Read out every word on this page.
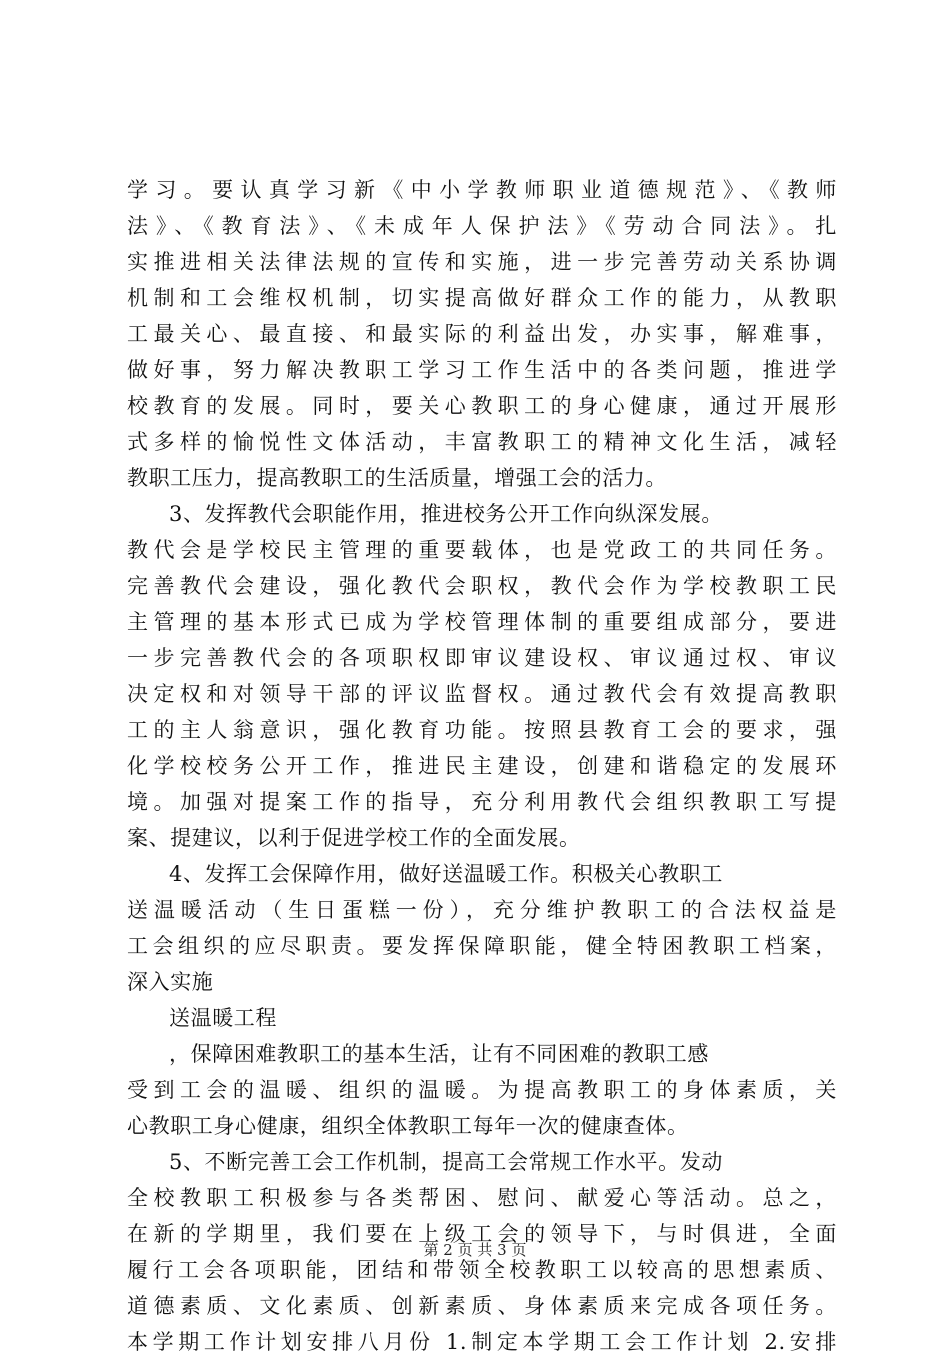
学习。要认真学习新《中小学教师职业道德规范》、《教师
法》、《教育法》、《未成年人保护法》《劳动合同法》。扎
实推进相关法律法规的宣传和实施，进一步完善劳动关系协调
机制和工会维权机制，切实提高做好群众工作的能力，从教职
工最关心、最直接、和最实际的利益出发，办实事，解难事，
做好事，努力解决教职工学习工作生活中的各类问题，推进学
校教育的发展。同时，要关心教职工的身心健康，通过开展形
式多样的愉悦性文体活动，丰富教职工的精神文化生活，减轻
教职工压力，提高教职工的生活质量，增强工会的活力。
3、发挥教代会职能作用，推进校务公开工作向纵深发展。
教代会是学校民主管理的重要载体，也是党政工的共同任务。
完善教代会建设，强化教代会职权，教代会作为学校教职工民
主管理的基本形式已成为学校管理体制的重要组成部分，要进
一步完善教代会的各项职权即审议建设权、审议通过权、审议
决定权和对领导干部的评议监督权。通过教代会有效提高教职
工的主人翁意识，强化教育功能。按照县教育工会的要求，强
化学校校务公开工作，推进民主建设，创建和谐稳定的发展环
境。加强对提案工作的指导，充分利用教代会组织教职工写提
案、提建议，以利于促进学校工作的全面发展。
4、发挥工会保障作用，做好送温暖工作。积极关心教职工
送温暖活动（生日蛋糕一份），充分维护教职工的合法权益是
工会组织的应尽职责。要发挥保障职能，健全特困教职工档案，
深入实施
送温暖工程
，保障困难教职工的基本生活，让有不同困难的教职工感
受到工会的温暖、组织的温暖。为提高教职工的身体素质，关
心教职工身心健康，组织全体教职工每年一次的健康查体。
5、不断完善工会工作机制，提高工会常规工作水平。发动
全校教职工积极参与各类帮困、慰问、献爱心等活动。总之，
在新的学期里，我们要在上级工会的领导下，与时俱进，全面
履行工会各项职能，团结和带领全校教职工以较高的思想素质、
道德素质、文化素质、创新素质、身体素质来完成各项任务。
本学期工作计划安排八月份 1.制定本学期工会工作计划 2.安排
第 2 页 共 3 页
